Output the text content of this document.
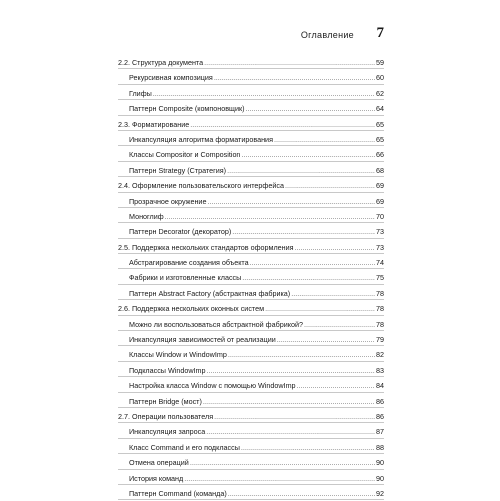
Оглавление 7
2.2. Структура документа .....	59
Рекурсивная композиция .....	60
Глифы .....	62
Паттерн Composite (компоновщик) .....	64
2.3. Форматирование .....	65
Инкапсуляция алгоритма форматирования .....	65
Классы Compositor и Composition .....	66
Паттерн Strategy (Стратегия) .....	68
2.4. Оформление пользовательского интерфейса .....	69
Прозрачное окружение .....	69
Моноглиф .....	70
Паттерн Decorator (декоратор) .....	73
2.5. Поддержка нескольких стандартов оформления .....	73
Абстрагирование создания объекта .....	74
Фабрики и изготовленные классы .....	75
Паттерн Abstract Factory (абстрактная фабрика) .....	78
2.6. Поддержка нескольких оконных систем .....	78
Можно ли воспользоваться абстрактной фабрикой? .....	78
Инкапсуляция зависимостей от реализации .....	79
Классы Window и WindowImp .....	82
Подклассы WindowImp .....	83
Настройка класса Window с помощью WindowImp .....	84
Паттерн Bridge (мост) .....	86
2.7. Операции пользователя .....	86
Инкапсуляция запроса .....	87
Класс Command и его подклассы .....	88
Отмена операций .....	90
История команд .....	90
Паттерн Command (команда) .....	92
